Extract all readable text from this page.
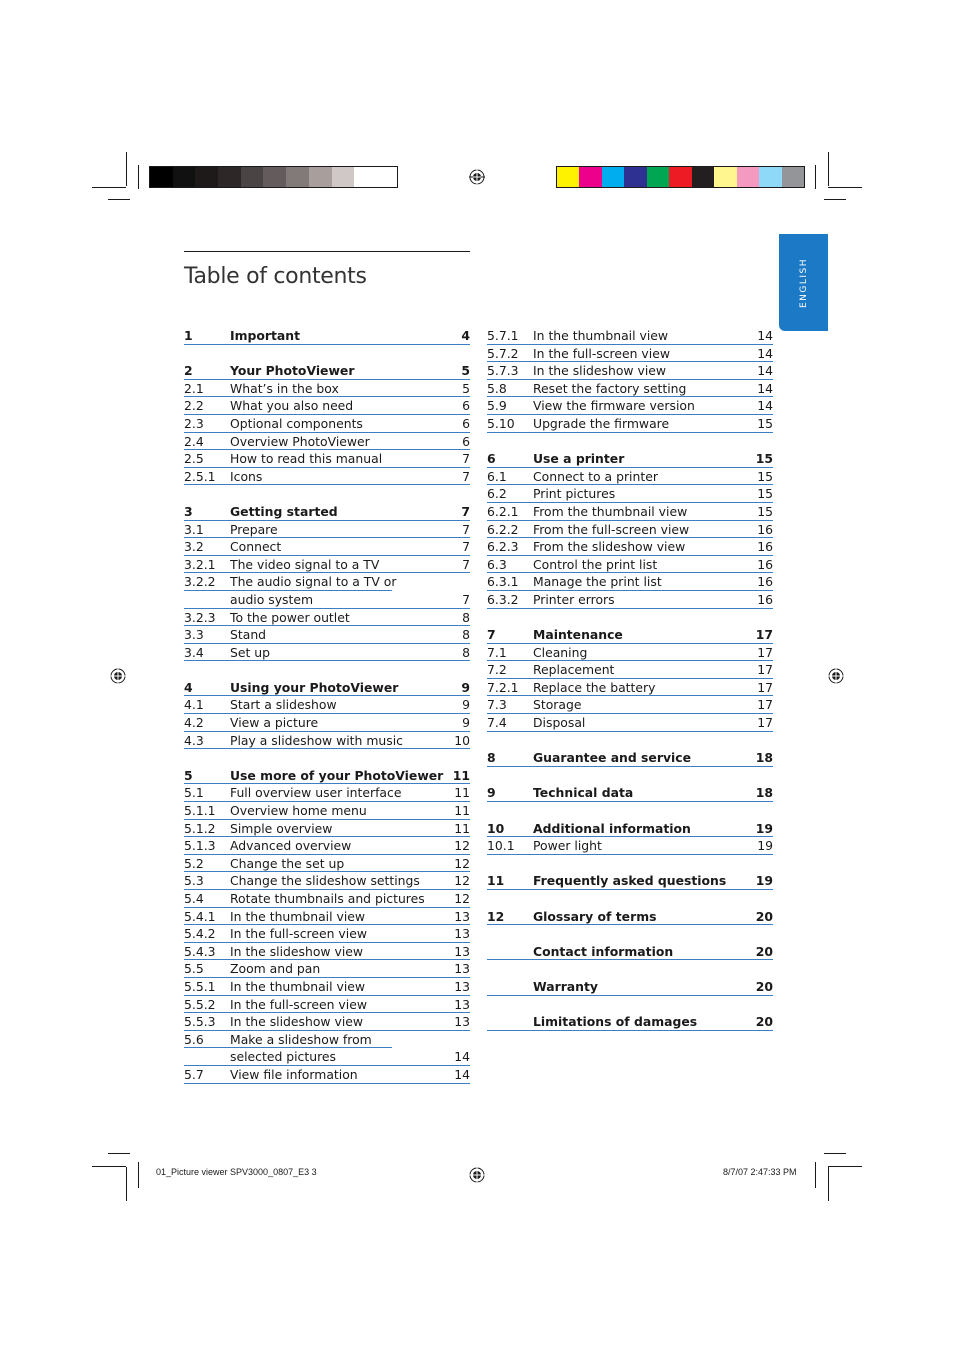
ENGLISH
Table of contents
1	Important	4
2	Your PhotoViewer	5
2.1 What’s in the box	5
2.2 What you also need	6
2.3 Optional components	6
2.4 Overview PhotoViewer	6
2.5 How to read this manual	7
2.5.1 Icons	7
3	Getting started	7
3.1 Prepare	7
3.2 Connect	7
3.2.1 The video signal to a TV	7
3.2.2 The audio signal to a TV or
audio system	7
3.2.3 To the power outlet	8
3.3 Stand	8
3.4 Set up	8
4	Using your PhotoViewer	9
4.1 Start a slideshow	9
4.2 View a picture	9
4.3 Play a slideshow with music	10
5	Use more of your PhotoViewer 11
5.1 Full overview user interface	11
5.1.1 Overview home menu	11
5.1.2 Simple overview	11
5.1.3 Advanced overview	12
5.2 Change the set up	12
5.3 Change the slideshow settings	12
5.4 Rotate thumbnails and pictures 12
5.4.1 In the thumbnail view	13
5.4.2 In the full-screen view	13
5.4.3 In the slideshow view	13
5.5 Zoom and pan	13
5.5.1 In the thumbnail view	13
5.5.2 In the full-screen view	13
5.5.3 In the slideshow view	13
5.6 Make a slideshow from
selected pictures	14
5.7 View file information	14
5.7.1 In the thumbnail view	14
5.7.2 In the full-screen view	14
5.7.3 In the slideshow view	14
5.8 Reset the factory setting	14
5.9 View the firmware version	14
5.10 Upgrade the firmware	15
6	Use a printer	15
6.1 Connect to a printer	15
6.2 Print pictures	15
6.2.1 From the thumbnail view	15
6.2.2 From the full-screen view	16
6.2.3 From the slideshow view	16
6.3 Control the print list	16
6.3.1 Manage the print list	16
6.3.2 Printer errors	16
7	Maintenance	17
7.1 Cleaning	17
7.2 Replacement	17
7.2.1 Replace the battery	17
7.3 Storage	17
7.4 Disposal	17
8	Guarantee and service	18
9	Technical data	18
10 Additional information	19
10.1 Power light	19
11 Frequently asked questions 19
12 Glossary of terms	20
Contact information	20
Warranty	20
Limitations of damages	20
01_Picture viewer SPV3000_0807_E3 3	8/7/07 2:47:33 PM
